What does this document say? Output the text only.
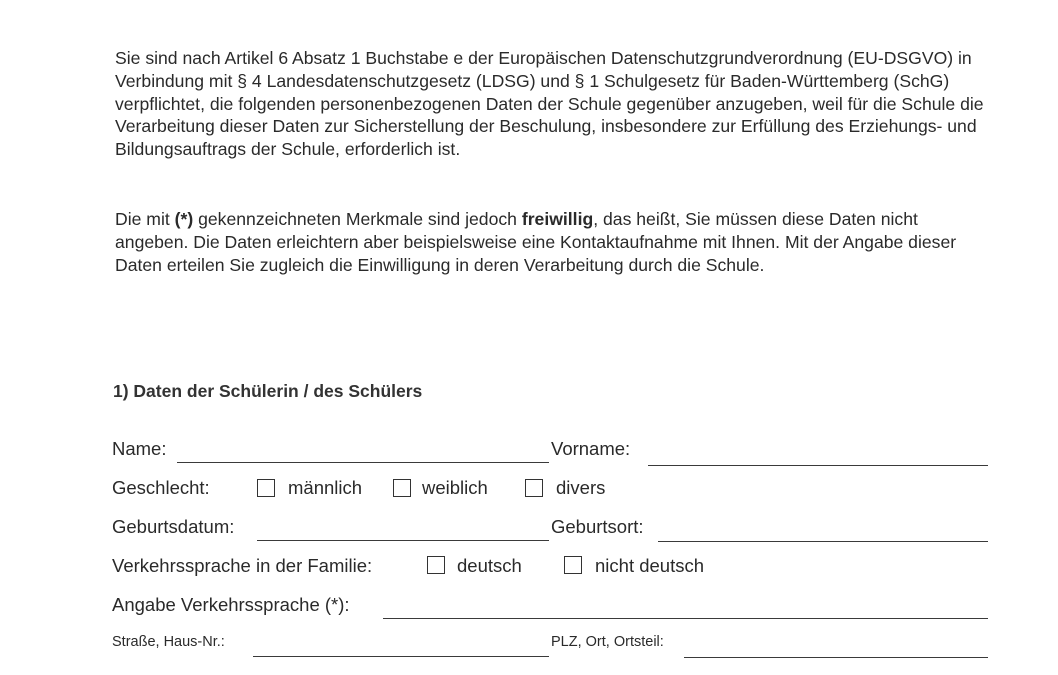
Sie sind nach Artikel 6 Absatz 1 Buchstabe e der Europäischen Datenschutzgrundverordnung (EU-DSGVO) in Verbindung mit § 4 Landesdatenschutzgesetz (LDSG) und § 1 Schulgesetz für Baden-Württemberg (SchG) verpflichtet, die folgenden personenbezogenen Daten der Schule gegenüber anzugeben, weil für die Schule die Verarbeitung dieser Daten zur Sicherstellung der Beschulung, insbesondere zur Erfüllung des Erziehungs- und Bildungsauftrags der Schule, erforderlich ist.
Die mit (*) gekennzeichneten Merkmale sind jedoch freiwillig, das heißt, Sie müssen diese Daten nicht angeben. Die Daten erleichtern aber beispielsweise eine Kontaktaufnahme mit Ihnen. Mit der Angabe dieser Daten erteilen Sie zugleich die Einwilligung in deren Verarbeitung durch die Schule.
1) Daten der Schülerin / des Schülers
Name:	Vorname:
Geschlecht:	männlich	weiblich	divers
Geburtsdatum:	Geburtsort:
Verkehrssprache in der Familie:	deutsch	nicht deutsch
Angabe Verkehrssprache (*):
Straße, Haus-Nr.:	PLZ, Ort, Ortsteil:
